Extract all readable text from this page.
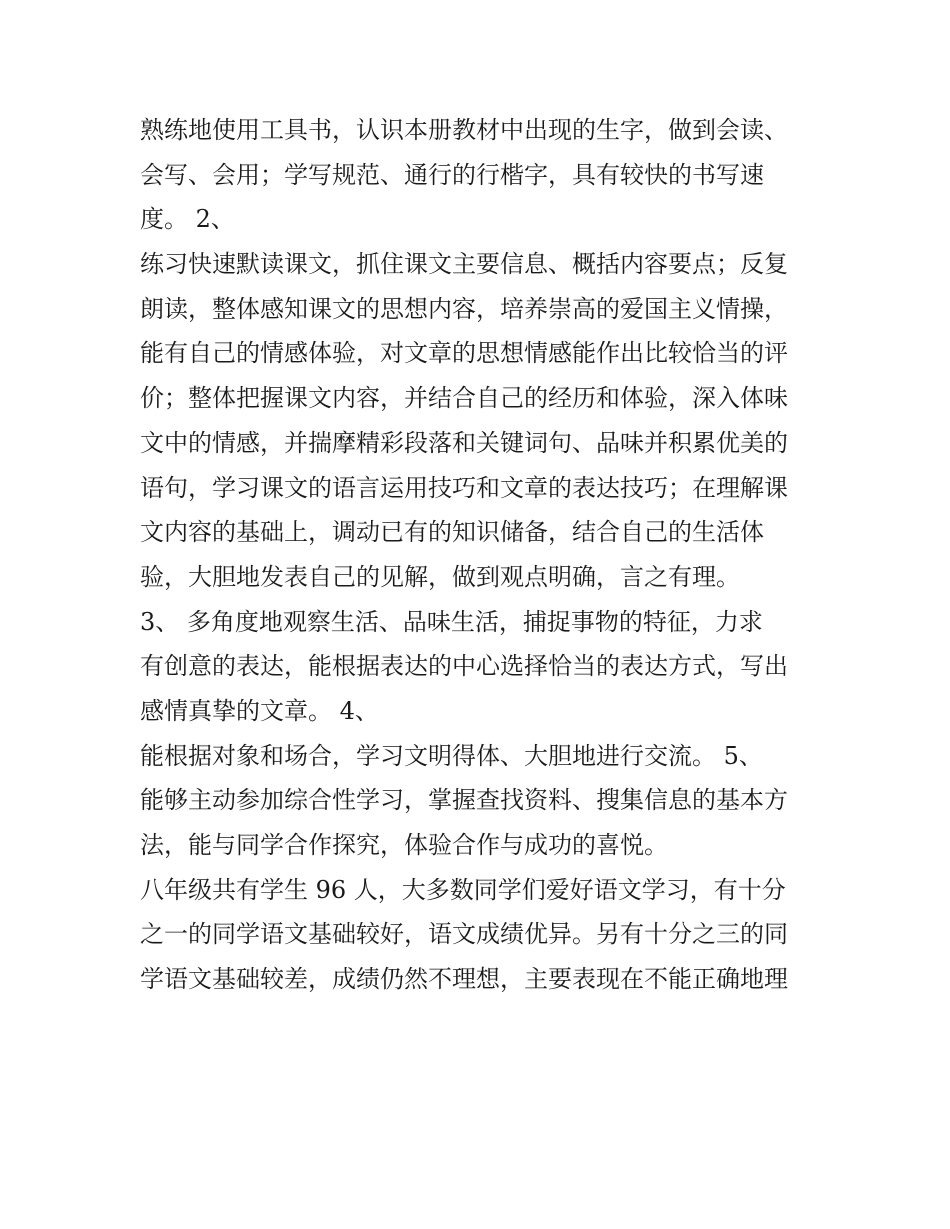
熟练地使用工具书，认识本册教材中出现的生字，做到会读、
会写、会用；学写规范、通行的行楷字，具有较快的书写速
度。 2、
练习快速默读课文，抓住课文主要信息、概括内容要点；反复
朗读，整体感知课文的思想内容，培养崇高的爱国主义情操，
能有自己的情感体验，对文章的思想情感能作出比较恰当的评
价；整体把握课文内容，并结合自己的经历和体验，深入体味
文中的情感，并揣摩精彩段落和关键词句、品味并积累优美的
语句，学习课文的语言运用技巧和文章的表达技巧；在理解课
文内容的基础上，调动已有的知识储备，结合自己的生活体
验，大胆地发表自己的见解，做到观点明确，言之有理。
3、 多角度地观察生活、品味生活，捕捉事物的特征，力求
有创意的表达，能根据表达的中心选择恰当的表达方式，写出
感情真挚的文章。 4、
能根据对象和场合，学习文明得体、大胆地进行交流。 5、
能够主动参加综合性学习，掌握查找资料、搜集信息的基本方
法，能与同学合作探究，体验合作与成功的喜悦。
八年级共有学生 96 人，大多数同学们爱好语文学习，有十分
之一的同学语文基础较好，语文成绩优异。另有十分之三的同
学语文基础较差，成绩仍然不理想，主要表现在不能正确地理
